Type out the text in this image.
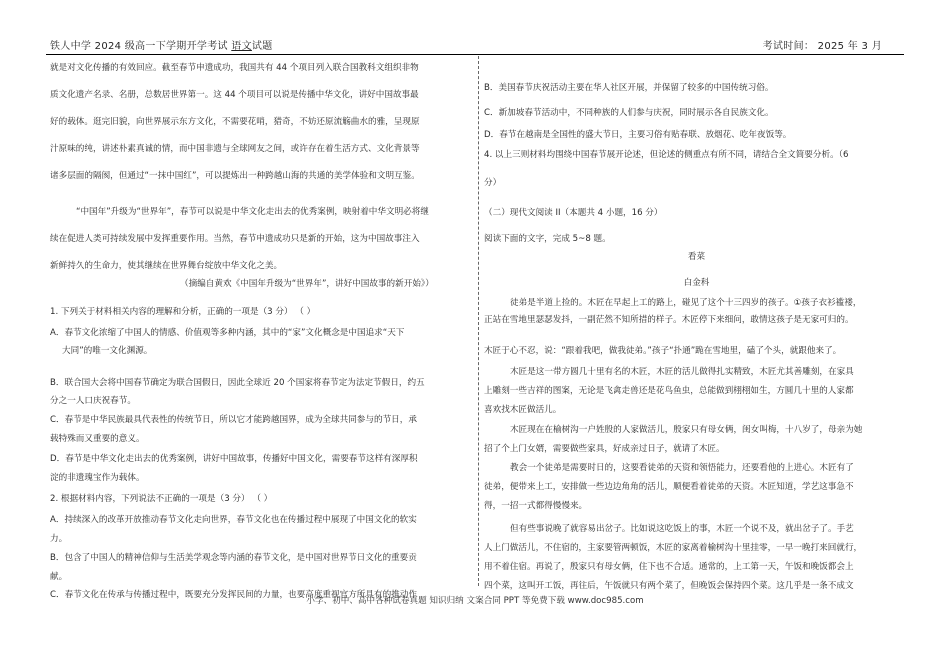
铁人中学 2024 级高一下学期开学考试 语文试题	考试时间： 2025 年 3 月
就是对文化传播的有效回应。截至春节申遗成功，我国共有 44 个项目列入联合国教科文组织非物
质文化遗产名录、名册，总数居世界第一。这 44 个项目可以说是传播中华文化，讲好中国故事最
好的载体。逛完旧貌，向世界展示东方文化，不需要花哨，猎奇，不妨还原流觞曲水的雅，呈现原
汁原味的纯，讲述朴素真诚的情，而中国非遗与全球网友之间，或许存在着生活方式、文化背景等
诸多层面的隔阂，但通过“一抹中国红”，可以提炼出一种跨越山海的共通的美学体验和文明互鉴。
“中国年”升级为“世界年”，春节可以说是中华文化走出去的优秀案例，映射着中华文明必将继
续在促进人类可持续发展中发挥重要作用。当然，春节申遗成功只是新的开始，这为中国故事注入
新鲜持久的生命力，使其继续在世界舞台绽放中华文化之美。
（摘编自黄欢《中国年升级为“世界年”，讲好中国故事的新开始》）
1. 下列关于材料相关内容的理解和分析，正确的一项是（3 分） （ ）
A．春节文化浓缩了中国人的情感、价值观等多种内涵，其中的“家”文化概念是中国追求“天下
大同”的唯一文化渊源。
B．联合国大会将中国春节确定为联合国假日，因此全球近 20 个国家将春节定为法定节假日，约五
分之一人口庆祝春节。
C．春节是中华民族最具代表性的传统节日，所以它才能跨越国界，成为全球共同参与的节日，承
载特殊而又重要的意义。
D．春节是中华文化走出去的优秀案例，讲好中国故事，传播好中国文化，需要春节这样有深厚积
淀的非遗瑰宝作为载体。
2. 根据材料内容，下列说法不正确的一项是（3 分） （ ）
A．持续深入的改革开放推动春节文化走向世界，春节文化也在传播过程中展现了中国文化的软实
力。
B．包含了中国人的精神信仰与生活美学观念等内涵的春节文化，是中国对世界节日文化的重要贡
献。
C．春节文化在传承与传播过程中，既要充分发挥民间的力量，也要高度重视官方所具有的推动作
B．美国春节庆祝活动主要在华人社区开展，并保留了较多的中国传统习俗。
C．新加坡春节活动中，不同种族的人们参与庆祝，同时展示各自民族文化。
D．春节在越南是全国性的盛大节日，主要习俗有贴春联、放烟花、吃年夜饭等。
4. 以上三则材料均围绕中国春节展开论述，但论述的侧重点有所不同，请结合全文简要分析。（6
分）
（二）现代文阅读 II（本题共 4 小题，16 分）
阅读下面的文字，完成 5~8 题。
看菜
白金科
徒弟是半道上捡的。木匠在早起上工的路上，碰见了这个十三四岁的孩子。①孩子衣衫褴褛，
正站在雪地里瑟瑟发抖，一副茫然不知所措的样子。木匠停下来细问，敢情这孩子是无家可归的。
木匠于心不忍，说：“跟着我吧，做我徒弟。”孩子“扑通”跪在雪地里，磕了个头，就跟他来了。
木匠是这一带方圆几十里有名的木匠，木匠的活儿做得扎实精致，木匠尤其善雕刻，在家具
上雕刻一些吉祥的图案，无论是飞禽走兽还是花鸟鱼虫，总能做到栩栩如生，方圆几十里的人家都
喜欢找木匠做活儿。
木匠现在在榆树沟一户姓殷的人家做活儿，殷家只有母女俩，闺女叫梅，十八岁了，母亲为她
招了个上门女婿，需要做些家具，好成亲过日子，就请了木匠。
教会一个徒弟是需要时日的，这要看徒弟的天资和领悟能力，还要看他的上进心。木匠有了
徒弟，便带来上工，安排做一些边边角角的活儿，顺便看着徒弟的天资。木匠知道，学艺这事急不
得，一招一式都得慢慢来。
但有些事说晚了就容易出岔子。比如说这吃饭上的事，木匠一个说不及，就出岔子了。手艺
人上门做活儿，不住宿的，主家要管两顿饭，木匠的家离着榆树沟十里挂零，一早一晚打来回就行，
用不着住宿。再说了，殷家只有母女俩，住下也不合适。通常的，上工第一天，午饭和晚饭都会上
四个菜，这叫开工饭，再往后，午饭就只有两个菜了，但晚饭会保持四个菜。这几乎是一条不成文
小学、初中、高中各种试卷真题 知识归纳 文案合同 PPT 等免费下载 www.doc985.com
